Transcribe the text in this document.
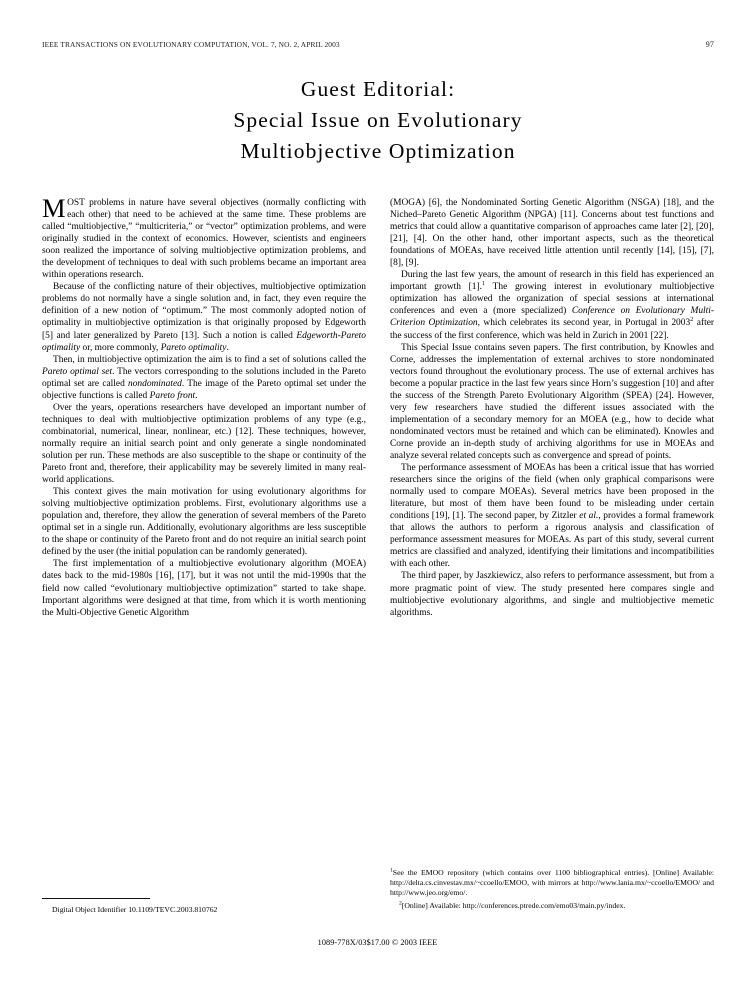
IEEE TRANSACTIONS ON EVOLUTIONARY COMPUTATION, VOL. 7, NO. 2, APRIL 2003	97
Guest Editorial:
Special Issue on Evolutionary
Multiobjective Optimization

MOST problems in nature have several objectives (normally conflicting with each other) that need to be achieved at the same time. These problems are called “multiobjective,” “multicriteria,” or “vector” optimization problems, and were originally studied in the context of economics. However, scientists and engineers soon realized the importance of solving multiobjective optimization problems, and the development of techniques to deal with such problems became an important area within operations research.

Because of the conflicting nature of their objectives, multiobjective optimization problems do not normally have a single solution and, in fact, they even require the definition of a new notion of “optimum.” The most commonly adopted notion of optimality in multiobjective optimization is that originally proposed by Edgeworth [5] and later generalized by Pareto [13]. Such a notion is called Edgeworth-Pareto optimality or, more commonly, Pareto optimality.

Then, in multiobjective optimization the aim is to find a set of solutions called the Pareto optimal set. The vectors corresponding to the solutions included in the Pareto optimal set are called nondominated. The image of the Pareto optimal set under the objective functions is called Pareto front.

Over the years, operations researchers have developed an important number of techniques to deal with multiobjective optimization problems of any type (e.g., combinatorial, numerical, linear, nonlinear, etc.) [12]. These techniques, however, normally require an initial search point and only generate a single nondominated solution per run. These methods are also susceptible to the shape or continuity of the Pareto front and, therefore, their applicability may be severely limited in many real-world applications.

This context gives the main motivation for using evolutionary algorithms for solving multiobjective optimization problems. First, evolutionary algorithms use a population and, therefore, they allow the generation of several members of the Pareto optimal set in a single run. Additionally, evolutionary algorithms are less susceptible to the shape or continuity of the Pareto front and do not require an initial search point defined by the user (the initial population can be randomly generated).

The first implementation of a multiobjective evolutionary algorithm (MOEA) dates back to the mid-1980s [16], [17], but it was not until the mid-1990s that the field now called “evolutionary multiobjective optimization” started to take shape. Important algorithms were designed at that time, from which it is worth mentioning the Multi-Objective Genetic Algorithm

(MOGA) [6], the Nondominated Sorting Genetic Algorithm (NSGA) [18], and the Niched–Pareto Genetic Algorithm (NPGA) [11]. Concerns about test functions and metrics that could allow a quantitative comparison of approaches came later [2], [20], [21], [4]. On the other hand, other important aspects, such as the theoretical foundations of MOEAs, have received little attention until recently [14], [15], [7], [8], [9].

During the last few years, the amount of research in this field has experienced an important growth [1].$^1$ The growing interest in evolutionary multiobjective optimization has allowed the organization of special sessions at international conferences and even a (more specialized) Conference on Evolutionary Multi-Criterion Optimization, which celebrates its second year, in Portugal in 2003$^2$ after the success of the first conference, which was held in Zurich in 2001 [22].

This Special Issue contains seven papers. The first contribution, by Knowles and Corne, addresses the implementation of external archives to store nondominated vectors found throughout the evolutionary process. The use of external archives has become a popular practice in the last few years since Horn’s suggestion [10] and after the success of the Strength Pareto Evolutionary Algorithm (SPEA) [24]. However, very few researchers have studied the different issues associated with the implementation of a secondary memory for an MOEA (e.g., how to decide what nondominated vectors must be retained and which can be eliminated). Knowles and Corne provide an in-depth study of archiving algorithms for use in MOEAs and analyze several related concepts such as convergence and spread of points.

The performance assessment of MOEAs has been a critical issue that has worried researchers since the origins of the field (when only graphical comparisons were normally used to compare MOEAs). Several metrics have been proposed in the literature, but most of them have been found to be misleading under certain conditions [19], [1]. The second paper, by Zitzler et al., provides a formal framework that allows the authors to perform a rigorous analysis and classification of performance assessment measures for MOEAs. As part of this study, several current metrics are classified and analyzed, identifying their limitations and incompatibilities with each other.

The third paper, by Jaszkiewicz, also refers to performance assessment, but from a more pragmatic point of view. The study presented here compares single and multiobjective evolutionary algorithms, and single and multiobjective memetic algorithms.

Digital Object Identifier 10.1109/TEVC.2003.810762

$^1$See the EMOO repository (which contains over 1100 bibliographical entries). [Online] Available: http://delta.cs.cinvestav.mx/~ccoello/EMOO, with mirrors at http://www.lania.mx/~ccoello/EMOO/ and http://www.jeo.org/emo/.

$^2$[Online] Available: http://conferences.ptrede.com/emo03/main.py/index.

1089-778X/03$17.00 © 2003 IEEE
